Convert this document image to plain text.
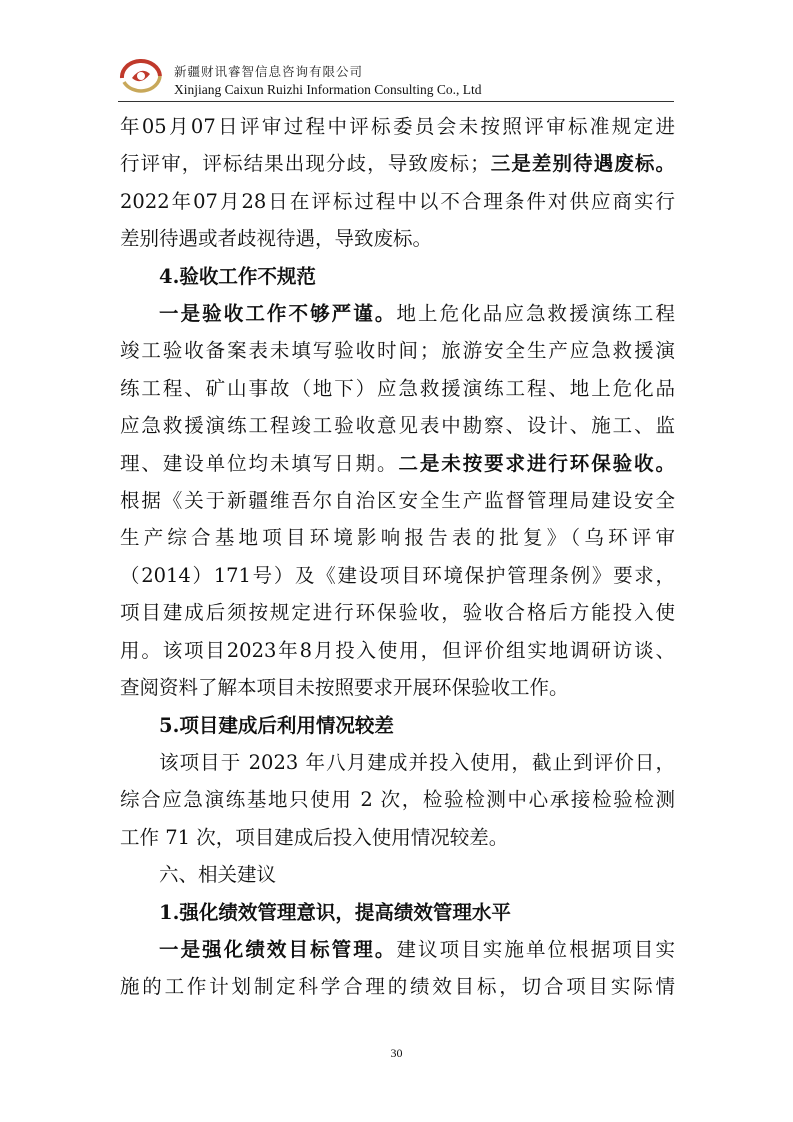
新疆财讯睿智信息咨询有限公司
Xinjiang Caixun Ruizhi Information Consulting Co., Ltd

年05月07日评审过程中评标委员会未按照评审标准规定进

行评审，评标结果出现分歧，导致废标；三是差别待遇废标。

2022年07月28日在评标过程中以不合理条件对供应商实行

差别待遇或者歧视待遇，导致废标。

4.验收工作不规范

一是验收工作不够严谨。地上危化品应急救援演练工程

竣工验收备案表未填写验收时间；旅游安全生产应急救援演

练工程、矿山事故（地下）应急救援演练工程、地上危化品

应急救援演练工程竣工验收意见表中勘察、设计、施工、监

理、建设单位均未填写日期。二是未按要求进行环保验收。

根据《关于新疆维吾尔自治区安全生产监督管理局建设安全

生产综合基地项目环境影响报告表的批复》（乌环评审

（2014）171号）及《建设项目环境保护管理条例》要求，

项目建成后须按规定进行环保验收，验收合格后方能投入使

用。该项目2023年8月投入使用，但评价组实地调研访谈、

查阅资料了解本项目未按照要求开展环保验收工作。

5.项目建成后利用情况较差

该项目于 2023 年八月建成并投入使用，截止到评价日，

综合应急演练基地只使用 2 次，检验检测中心承接检验检测

工作 71 次，项目建成后投入使用情况较差。

六、相关建议

1.强化绩效管理意识，提高绩效管理水平

一是强化绩效目标管理。建议项目实施单位根据项目实

施的工作计划制定科学合理的绩效目标，切合项目实际情

30
